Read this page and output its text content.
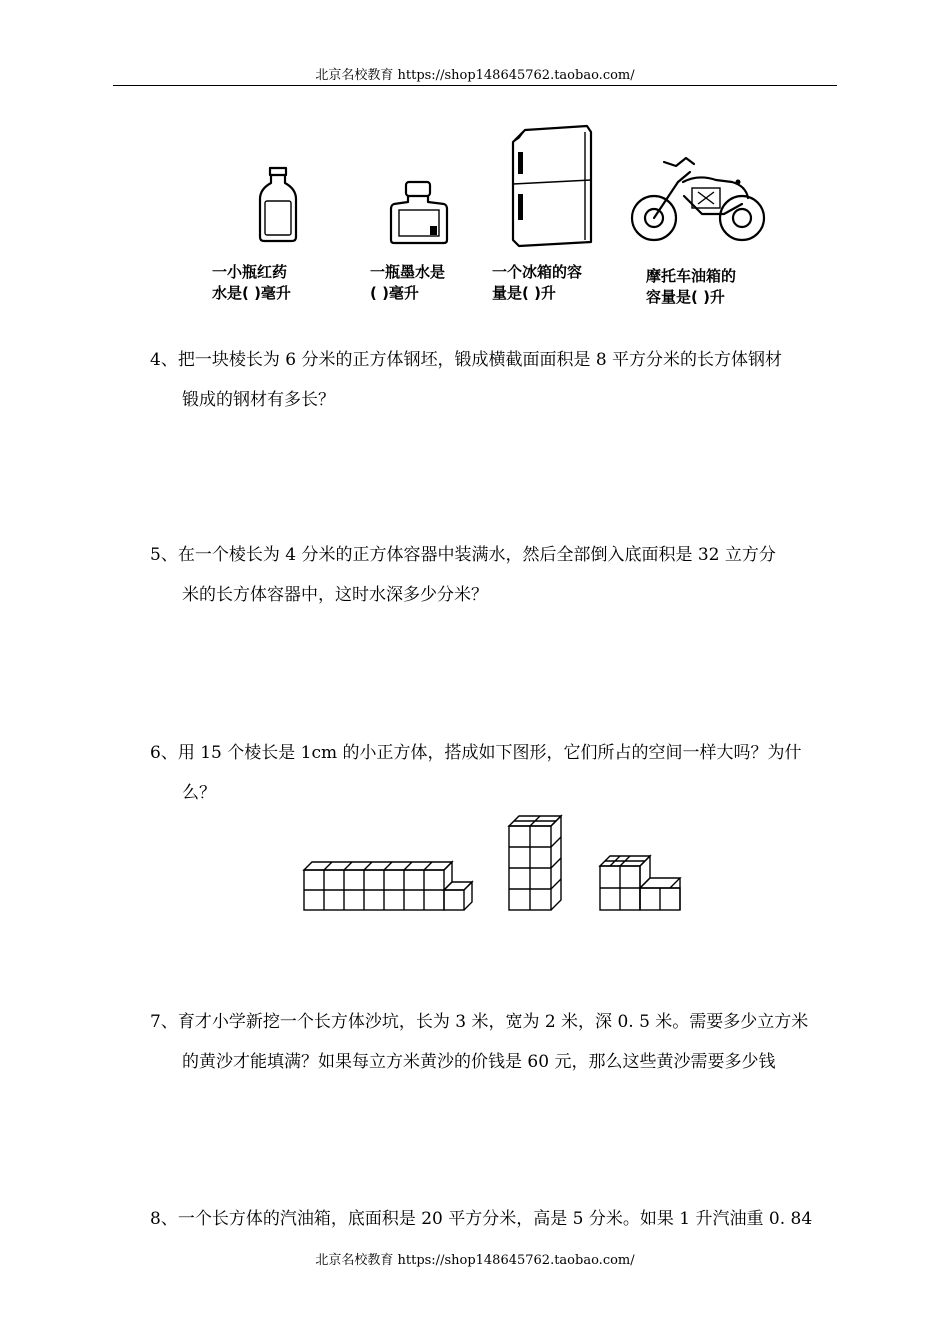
北京名校教育 https://shop148645762.taobao.com/
一小瓶红药
水是( )毫升
一瓶墨水是
( )毫升
一个冰箱的容
量是( )升
摩托车油箱的
容量是( )升
4、把一块棱长为 6 分米的正方体钢坯，锻成横截面面积是 8 平方分米的长方体钢材
锻成的钢材有多长？
5、在一个棱长为 4 分米的正方体容器中装满水，然后全部倒入底面积是 32 立方分
米的长方体容器中，这时水深多少分米？
6、用 15 个棱长是 1cm 的小正方体，搭成如下图形，它们所占的空间一样大吗？为什
么？
7、育才小学新挖一个长方体沙坑，长为 3 米，宽为 2 米，深 0. 5 米。需要多少立方米
的黄沙才能填满？如果每立方米黄沙的价钱是 60 元，那么这些黄沙需要多少钱
8、一个长方体的汽油箱，底面积是 20 平方分米，高是 5 分米。如果 1 升汽油重 0. 84
北京名校教育 https://shop148645762.taobao.com/
